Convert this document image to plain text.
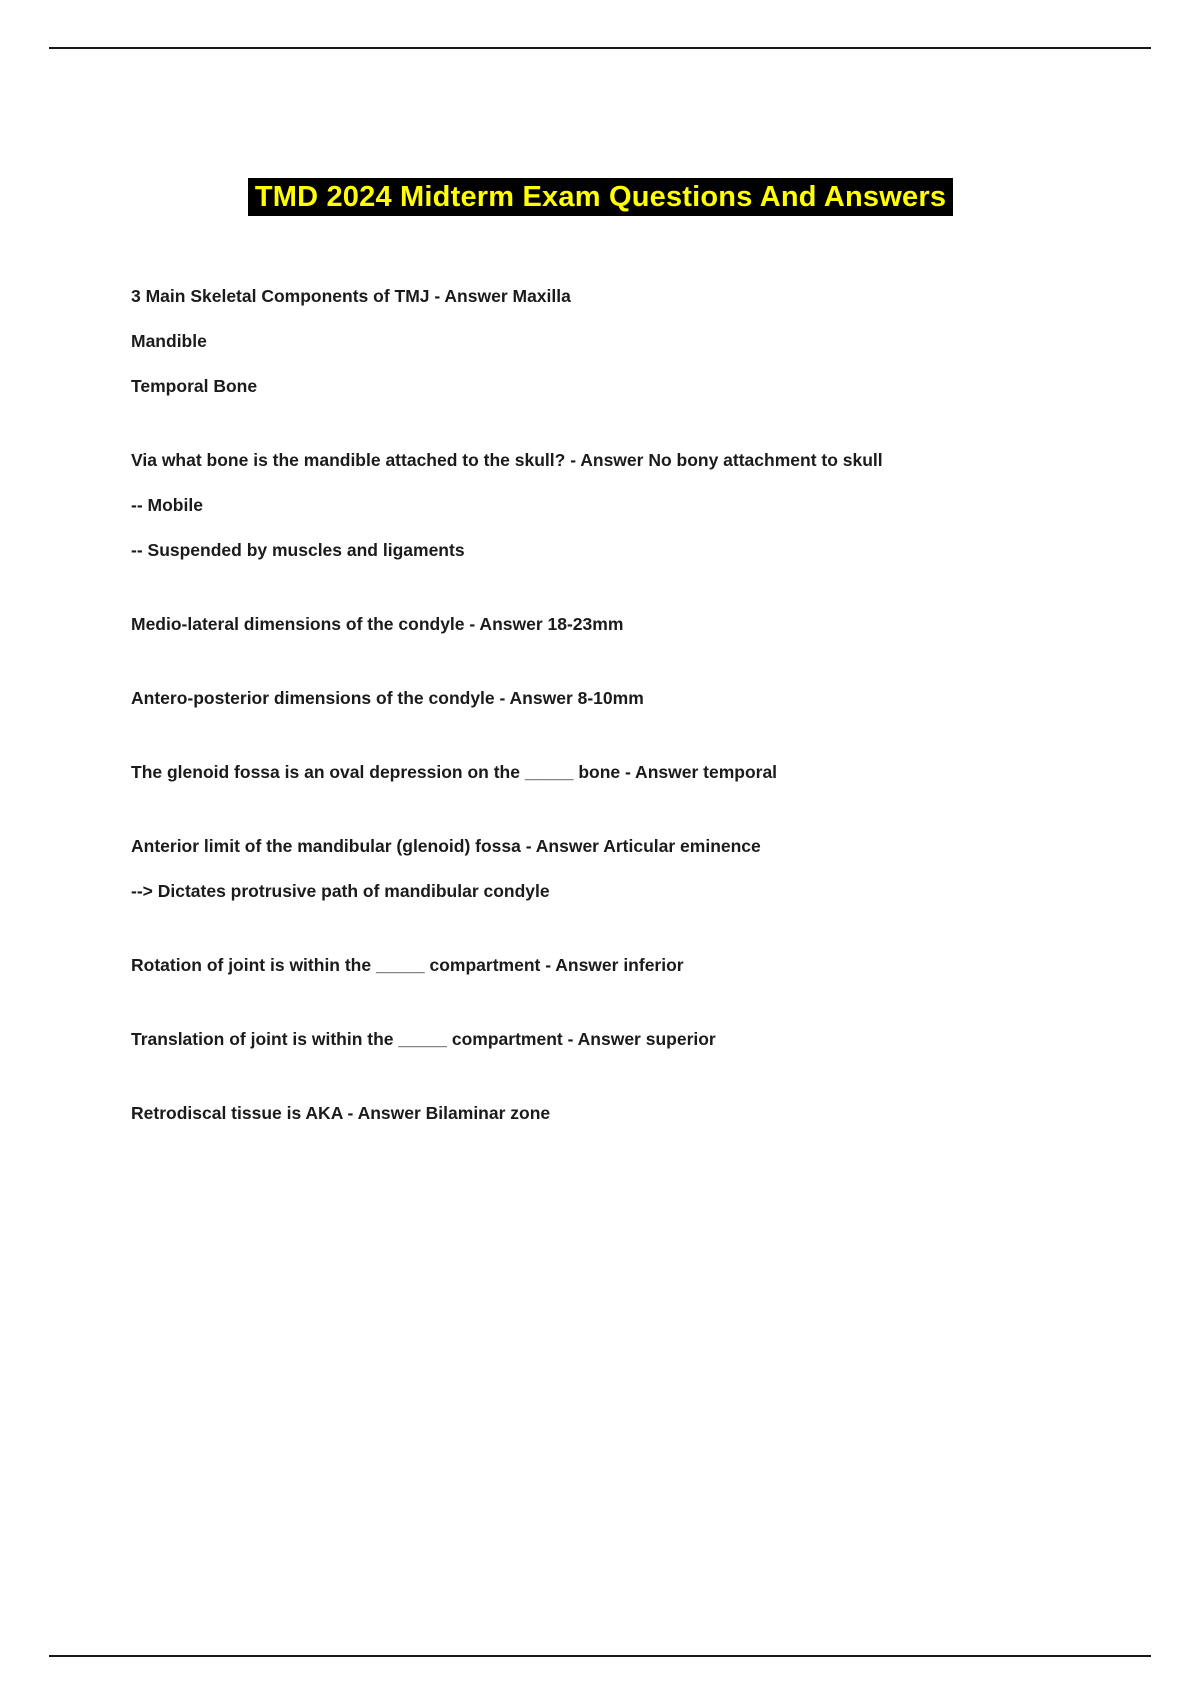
TMD 2024 Midterm Exam Questions And Answers

3 Main Skeletal Components of TMJ - Answer Maxilla

Mandible

Temporal Bone

Via what bone is the mandible attached to the skull? - Answer No bony attachment to skull

-- Mobile

-- Suspended by muscles and ligaments

Medio-lateral dimensions of the condyle - Answer 18-23mm

Antero-posterior dimensions of the condyle - Answer 8-10mm

The glenoid fossa is an oval depression on the _____ bone - Answer temporal

Anterior limit of the mandibular (glenoid) fossa - Answer Articular eminence

--> Dictates protrusive path of mandibular condyle

Rotation of joint is within the _____ compartment - Answer inferior

Translation of joint is within the _____ compartment - Answer superior

Retrodiscal tissue is AKA - Answer Bilaminar zone
